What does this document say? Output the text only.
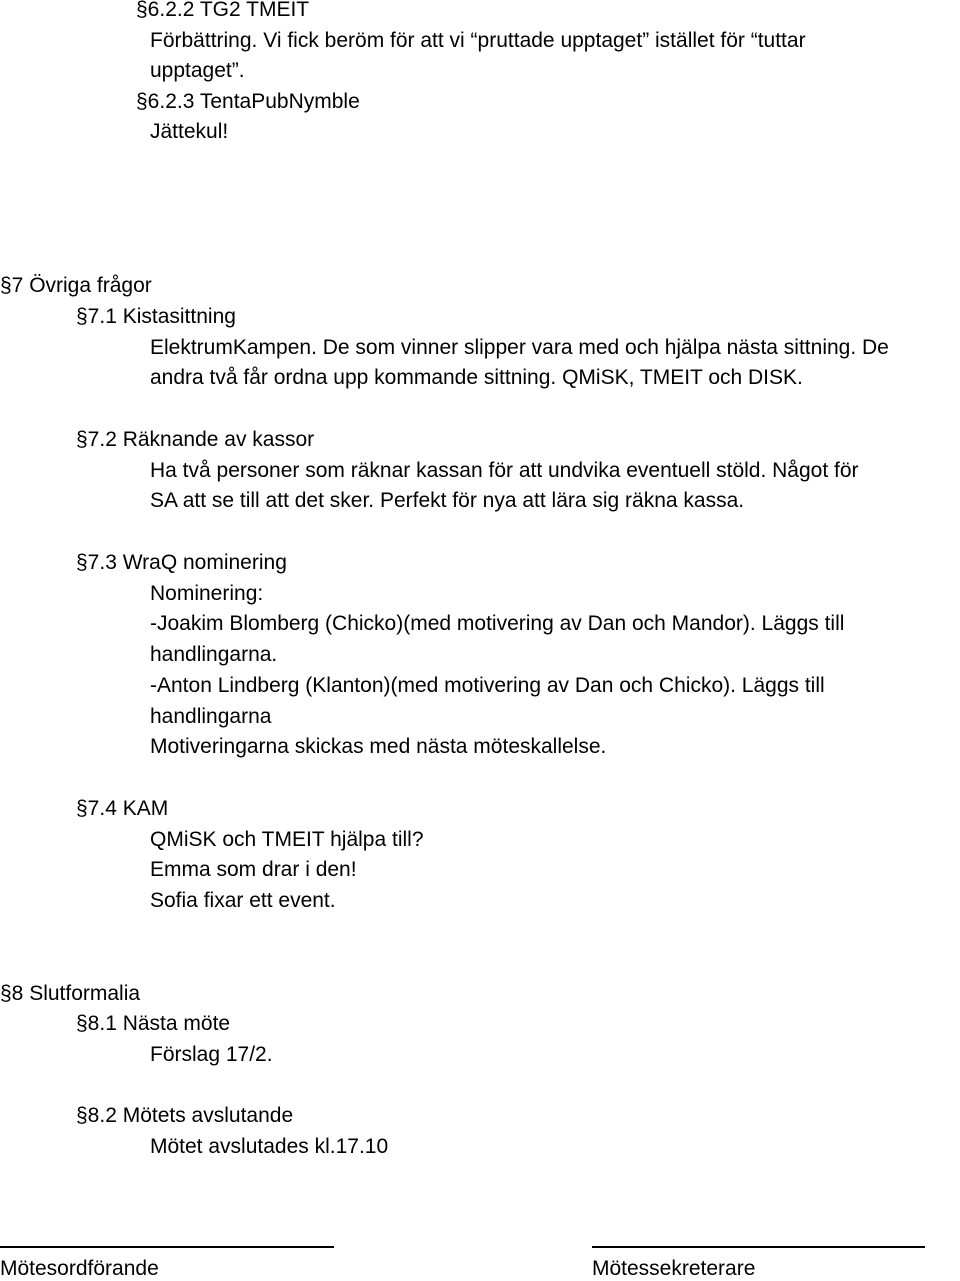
§6.2.2 TG2 TMEIT
Förbättring. Vi fick beröm för att vi “pruttade upptaget” istället för “tuttar
upptaget”.
§6.2.3 TentaPubNymble
Jättekul!
§7 Övriga frågor
§7.1 Kistasittning
ElektrumKampen. De som vinner slipper vara med och hjälpa nästa sittning. De
andra två får ordna upp kommande sittning. QMiSK, TMEIT och DISK.
§7.2 Räknande av kassor
Ha två personer som räknar kassan för att undvika eventuell stöld. Något för
SA att se till att det sker. Perfekt för nya att lära sig räkna kassa.
§7.3 WraQ nominering
Nominering:
-Joakim Blomberg (Chicko)(med motivering av Dan och Mandor). Läggs till
handlingarna.
-Anton Lindberg (Klanton)(med motivering av Dan och Chicko). Läggs till
handlingarna
Motiveringarna skickas med nästa möteskallelse.
§7.4 KAM
QMiSK och TMEIT hjälpa till?
Emma som drar i den!
Sofia fixar ett event.
§8 Slutformalia
§8.1 Nästa möte
Förslag 17/2.
§8.2 Mötets avslutande
Mötet avslutades kl.17.10
Mötesordförande	Mötessekreterare
